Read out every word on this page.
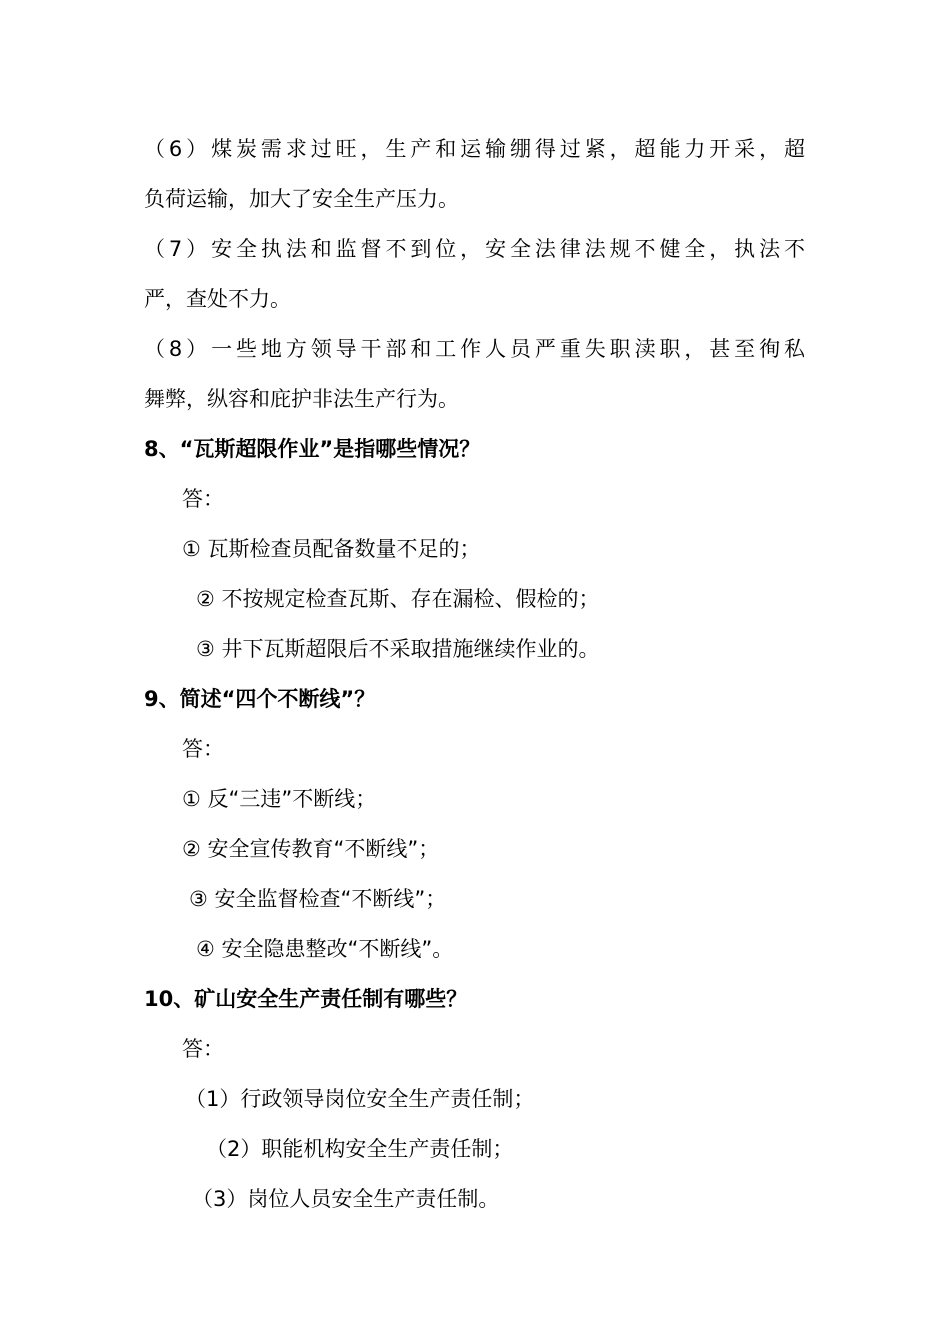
（6）煤炭需求过旺，生产和运输绷得过紧，超能力开采，超
负荷运输，加大了安全生产压力。
（7）安全执法和监督不到位，安全法律法规不健全，执法不
严，查处不力。
（8）一些地方领导干部和工作人员严重失职渎职，甚至徇私
舞弊，纵容和庇护非法生产行为。
8、“瓦斯超限作业”是指哪些情况？
答：
① 瓦斯检查员配备数量不足的；
② 不按规定检查瓦斯、存在漏检、假检的；
③ 井下瓦斯超限后不采取措施继续作业的。
9、简述“四个不断线”？
答：
① 反“三违”不断线；
② 安全宣传教育“不断线”；
③ 安全监督检查“不断线”；
④ 安全隐患整改“不断线”。
10、矿山安全生产责任制有哪些？
答：
（1）行政领导岗位安全生产责任制；
（2）职能机构安全生产责任制；
（3）岗位人员安全生产责任制。
